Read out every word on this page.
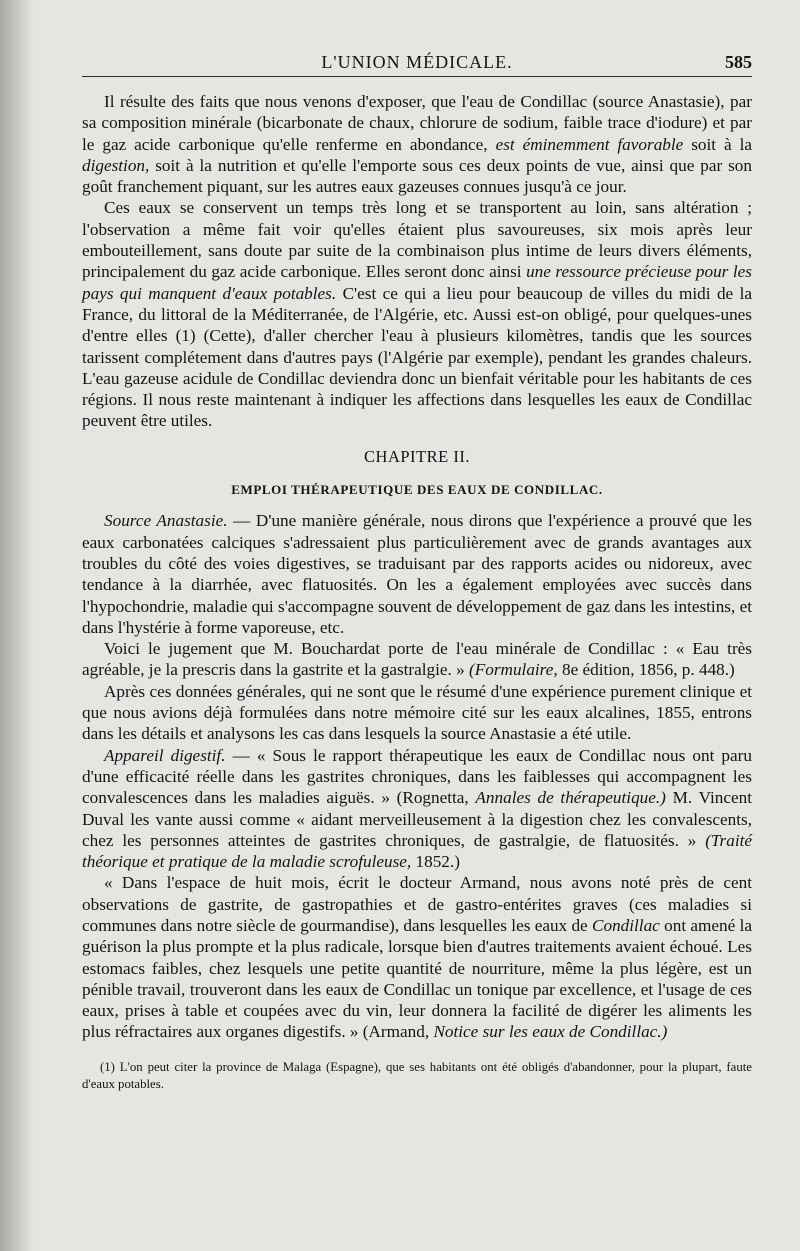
L'UNION MÉDICALE.	585

Il résulte des faits que nous venons d'exposer, que l'eau de Condillac (source Anastasie), par sa composition minérale (bicarbonate de chaux, chlorure de sodium, faible trace d'iodure) et par le gaz acide carbonique qu'elle renferme en abondance, est éminemment favorable soit à la digestion, soit à la nutrition et qu'elle l'emporte sous ces deux points de vue, ainsi que par son goût franchement piquant, sur les autres eaux gazeuses connues jusqu'à ce jour.

Ces eaux se conservent un temps très long et se transportent au loin, sans altération ; l'observation a même fait voir qu'elles étaient plus savoureuses, six mois après leur embouteillement, sans doute par suite de la combinaison plus intime de leurs divers éléments, principalement du gaz acide carbonique. Elles seront donc ainsi une ressource précieuse pour les pays qui manquent d'eaux potables. C'est ce qui a lieu pour beaucoup de villes du midi de la France, du littoral de la Méditerranée, de l'Algérie, etc. Aussi est-on obligé, pour quelques-unes d'entre elles (1) (Cette), d'aller chercher l'eau à plusieurs kilomètres, tandis que les sources tarissent complétement dans d'autres pays (l'Algérie par exemple), pendant les grandes chaleurs. L'eau gazeuse acidule de Condillac deviendra donc un bienfait véritable pour les habitants de ces régions. Il nous reste maintenant à indiquer les affections dans lesquelles les eaux de Condillac peuvent être utiles.

CHAPITRE II.
EMPLOI THÉRAPEUTIQUE DES EAUX DE CONDILLAC.

Source Anastasie. — D'une manière générale, nous dirons que l'expérience a prouvé que les eaux carbonatées calciques s'adressaient plus particulièrement avec de grands avantages aux troubles du côté des voies digestives, se traduisant par des rapports acides ou nidoreux, avec tendance à la diarrhée, avec flatuosités. On les a également employées avec succès dans l'hypochondrie, maladie qui s'accompagne souvent de développement de gaz dans les intestins, et dans l'hystérie à forme vaporeuse, etc.

Voici le jugement que M. Bouchardat porte de l'eau minérale de Condillac : « Eau très agréable, je la prescris dans la gastrite et la gastralgie. » (Formulaire, 8e édition, 1856, p. 448.)

Après ces données générales, qui ne sont que le résumé d'une expérience purement clinique et que nous avions déjà formulées dans notre mémoire cité sur les eaux alcalines, 1855, entrons dans les détails et analysons les cas dans lesquels la source Anastasie a été utile.

Appareil digestif. — « Sous le rapport thérapeutique les eaux de Condillac nous ont paru d'une efficacité réelle dans les gastrites chroniques, dans les faiblesses qui accompagnent les convalescences dans les maladies aiguës. » (Rognetta, Annales de thérapeutique.) M. Vincent Duval les vante aussi comme « aidant merveilleusement à la digestion chez les convalescents, chez les personnes atteintes de gastrites chroniques, de gastralgie, de flatuosités. » (Traité théorique et pratique de la maladie scrofuleuse, 1852.)

« Dans l'espace de huit mois, écrit le docteur Armand, nous avons noté près de cent observations de gastrite, de gastropathies et de gastro-entérites graves (ces maladies si communes dans notre siècle de gourmandise), dans lesquelles les eaux de Condillac ont amené la guérison la plus prompte et la plus radicale, lorsque bien d'autres traitements avaient échoué. Les estomacs faibles, chez lesquels une petite quantité de nourriture, même la plus légère, est un pénible travail, trouveront dans les eaux de Condillac un tonique par excellence, et l'usage de ces eaux, prises à table et coupées avec du vin, leur donnera la facilité de digérer les aliments les plus réfractaires aux organes digestifs. » (Armand, Notice sur les eaux de Condillac.)

(1) L'on peut citer la province de Malaga (Espagne), que ses habitants ont été obligés d'abandonner, pour la plupart, faute d'eaux potables.
